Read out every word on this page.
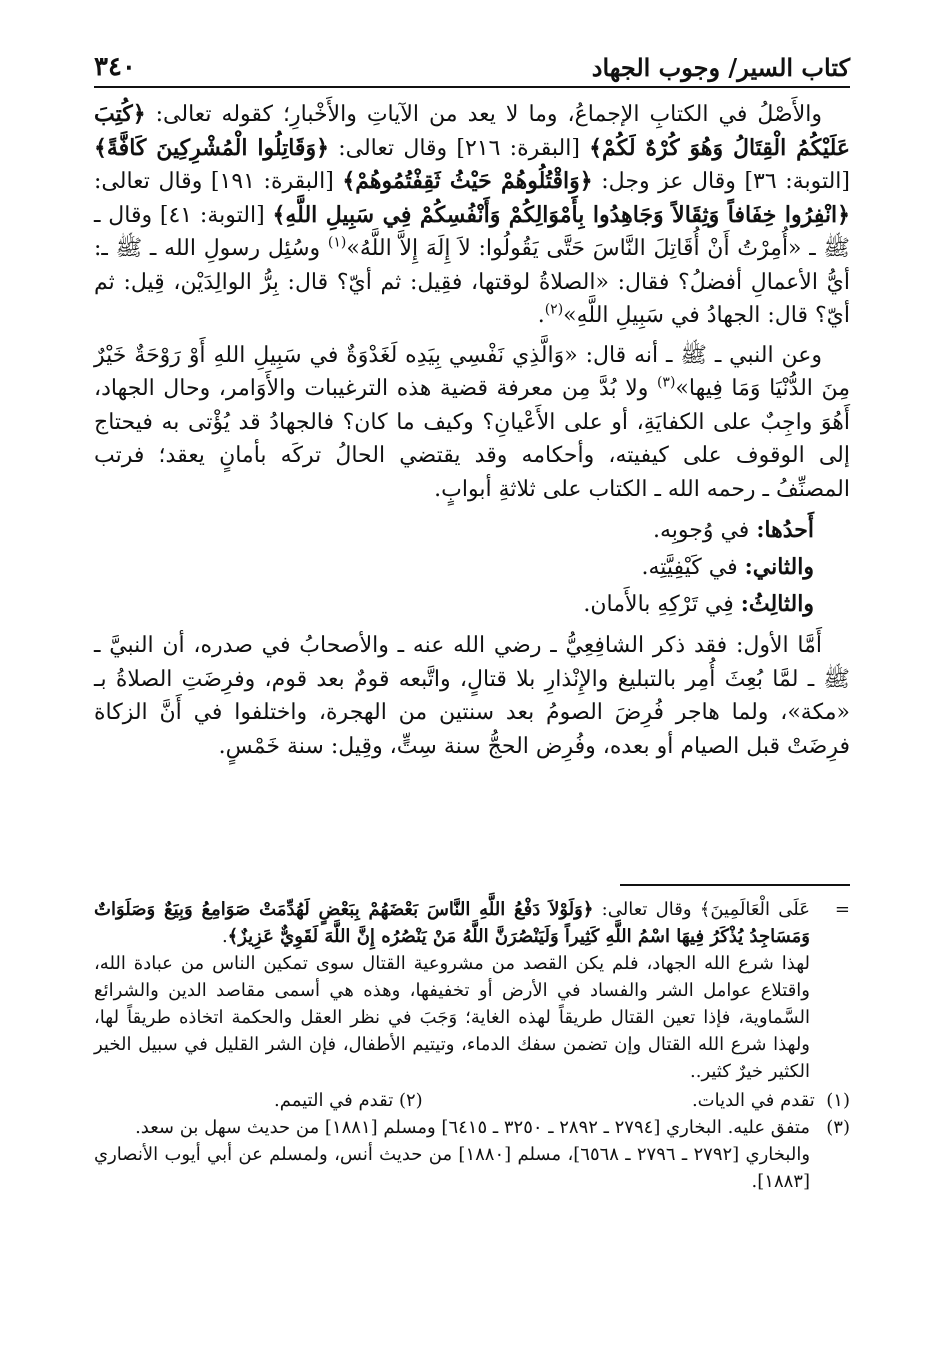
كتاب السير/ وجوب الجهاد
٣٤٠

والأَصْلُ في الكتابِ الإجماعُ، وما لا يعد من الآياتِ والأَخْبارِ؛ كقوله تعالى: ﴿كُتِبَ عَلَيْكُمُ الْقِتَالُ وَهُوَ كُرْهٌ لَكُمْ﴾ [البقرة: ٢١٦] وقال تعالى: ﴿وَقَاتِلُوا الْمُشْرِكِينَ كَافَّةً﴾ [التوبة: ٣٦] وقال عز وجل: ﴿وَاقْتُلُوهُمْ حَيْثُ ثَقِفْتُمُوهُمْ﴾ [البقرة: ١٩١] وقال تعالى: ﴿انْفِرُوا خِفَافاً وَثِقَالاً وَجَاهِدُوا بِأَمْوَالِكُمْ وَأَنْفُسِكُمْ فِي سَبِيلِ اللَّهِ﴾ [التوبة: ٤١] وقال ـ ﷺ ـ «أُمِرْتُ أَنْ أُقَاتِلَ النَّاسَ حَتَّى يَقُولُوا: لاَ إِلَهَ إِلاَّ اللَّهُ»$^{(١)}$ وسُئِل رسولِ الله ـ ﷺ ـ: أيُّ الأعمالِ أفضلُ؟ فقال: «الصلاةُ لوقتها، فقِيل: ثم أيّ؟ قال: بِرُّ الوالِدَيْن، قِيل: ثم أيّ؟ قال: الجهادُ في سَبِيلِ اللَّهِ»$^{(٢)}$.

وعن النبي ـ ﷺ ـ أنه قال: «وَالَّذِي نَفْسِي بِيَدِه لَغَدْوَةٌ في سَبِيلِ اللهِ أَوْ رَوْحَةٌ خَيْرٌ مِنَ الدُّنْيَا وَمَا فِيها»$^{(٣)}$ ولا بُدَّ مِن معرفة قضية هذه الترغيبات والأَوَامر، وحال الجهاد، أَهُوَ واجِبٌ على الكفايَةِ، أو على الأَعْيانِ؟ وكيف ما كان؟ فالجهادُ قد يُؤْتى به فيحتاج إلى الوقوف على كيفيته، وأحكامه وقد يقتضي الحالُ تركَه بأمانٍ يعقد؛ فرتب المصنِّفُ ـ رحمه الله ـ الكتاب على ثلاثةِ أبوابٍ.

أَحدُها: في وُجوبِه.

والثاني: في كَيْفِيَّتِه.

والثالِثُ: فِي تَرْكِهِ بالأَمان.

أَمَّا الأول: فقد ذكر الشافِعِيُّ ـ رضي الله عنه ـ والأصحابُ في صدره، أن النبيَّ ـ ﷺ ـ لمَّا بُعِثَ أُمِر بالتبليغ والإِنْذارِ بلا قتالٍ، واتَّبعه قومٌ بعد قوم، وفرِضَتِ الصلاةُ بـ «مكة»، ولما هاجر فُرِضَ الصومُ بعد سنتين من الهجرة، واختلفوا في أَنَّ الزكاة فرِضَتْ قبل الصيام أو بعده، وفُرِض الحجُّ سنة سِتٍّ، وقِيل: سنة خَمْسٍ.

=
عَلَى الْعَالَمِينَ﴾ وقال تعالى: ﴿وَلَوْلاَ دَفْعُ اللَّهِ النَّاسَ بَعْضَهُمْ بِبَعْضٍ لَهُدِّمَتْ صَوَامِعُ وَبِيَعٌ وَصَلَوَاتٌ وَمَسَاجِدُ يُذْكَرُ فِيهَا اسْمُ اللَّهِ كَثِيراً وَلَيَنْصُرَنَّ اللَّهُ مَنْ يَنْصُرُه إِنَّ اللَّهَ لَقَوِيٌّ عَزِيزٌ﴾.
لهذا شرع الله الجهاد، فلم يكن القصد من مشروعية القتال سوى تمكين الناس من عبادة الله، واقتلاع عوامل الشر والفساد في الأرض أو تخفيفها، وهذه هي أسمى مقاصد الدين والشرائع السَّماوية، فإذا تعين القتال طريقاً لهذه الغاية؛ وَجَبَ في نظر العقل والحكمة اتخاذه طريقاً لها، ولهذا شرع الله القتال وإن تضمن سفك الدماء، وتيتيم الأطفال، فإن الشر القليل في سبيل الخير الكثير خيرٌ كثير..
(١)  تقدم في الديات.
(٢) تقدم في التيمم.
(٣)
متفق عليه. البخاري [٢٧٩٤ ـ ٢٨٩٢ ـ ٣٢٥٠ ـ ٦٤١٥] ومسلم [١٨٨١] من حديث سهل بن سعد.
والبخاري [٢٧٩٢ ـ ٢٧٩٦ ـ ٦٥٦٨]، مسلم [١٨٨٠] من حديث أنس، ولمسلم عن أبي أيوب الأنصاري [١٨٨٣].
